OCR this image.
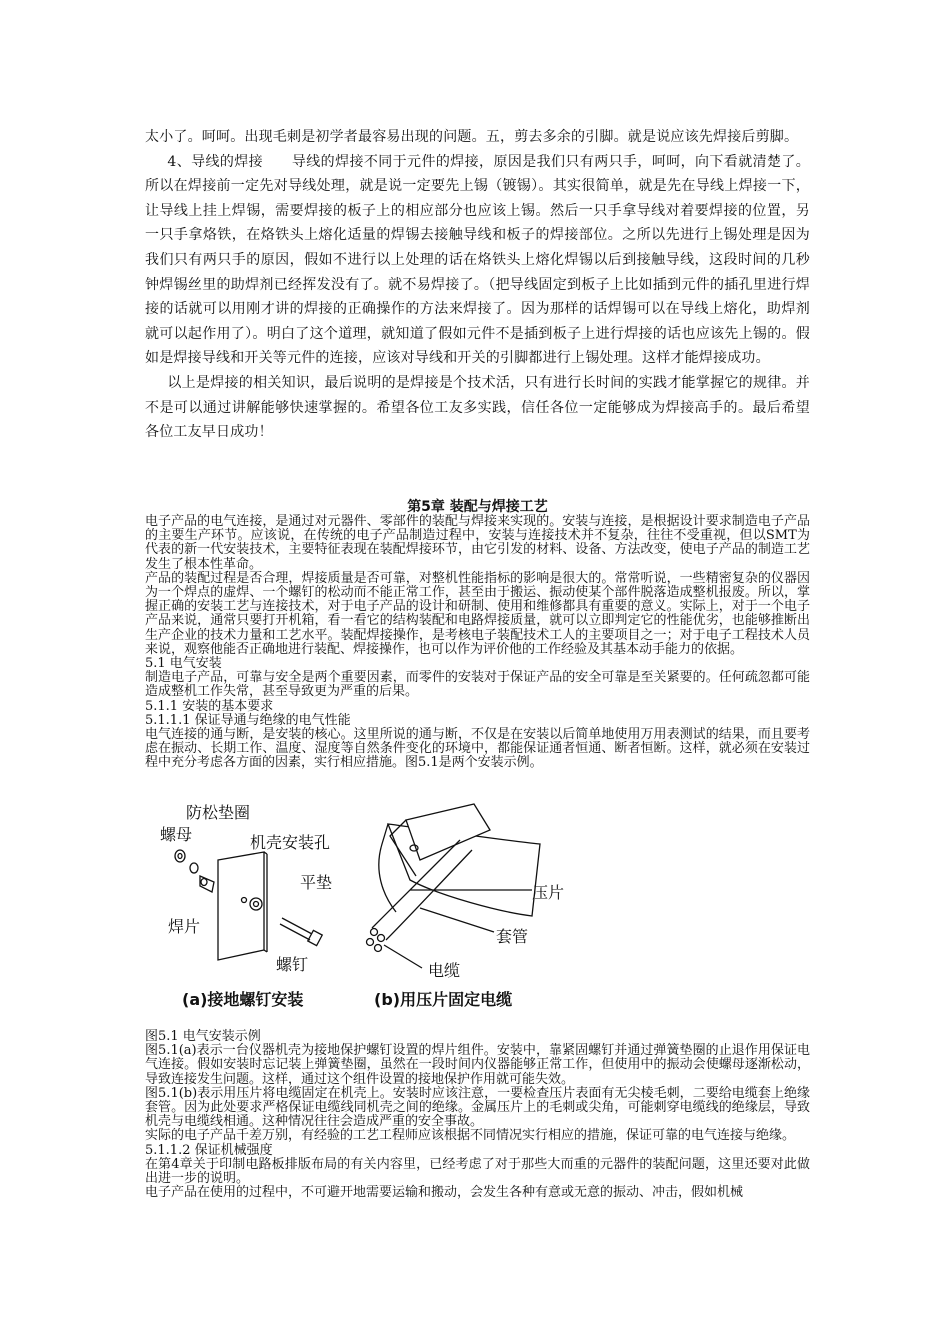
太小了。呵呵。出现毛刺是初学者最容易出现的问题。五，剪去多余的引脚。就是说应该先焊接后剪脚。

4、导线的焊接　　导线的焊接不同于元件的焊接，原因是我们只有两只手，呵呵，向下看就清楚了。所以在焊接前一定先对导线处理，就是说一定要先上锡（镀锡）。其实很简单，就是先在导线上焊接一下，让导线上挂上焊锡，需要焊接的板子上的相应部分也应该上锡。然后一只手拿导线对着要焊接的位置，另一只手拿烙铁，在烙铁头上熔化适量的焊锡去接触导线和板子的焊接部位。之所以先进行上锡处理是因为我们只有两只手的原因，假如不进行以上处理的话在烙铁头上熔化焊锡以后到接触导线，这段时间的几秒钟焊锡丝里的助焊剂已经挥发没有了。就不易焊接了。（把导线固定到板子上比如插到元件的插孔里进行焊接的话就可以用刚才讲的焊接的正确操作的方法来焊接了。因为那样的话焊锡可以在导线上熔化，助焊剂就可以起作用了）。明白了这个道理，就知道了假如元件不是插到板子上进行焊接的话也应该先上锡的。假如是焊接导线和开关等元件的连接，应该对导线和开关的引脚都进行上锡处理。这样才能焊接成功。

以上是焊接的相关知识，最后说明的是焊接是个技术活，只有进行长时间的实践才能掌握它的规律。并不是可以通过讲解能够快速掌握的。希望各位工友多实践，信任各位一定能够成为焊接高手的。最后希望各位工友早日成功！

第5章 装配与焊接工艺

电子产品的电气连接，是通过对元器件、零部件的装配与焊接来实现的。安装与连接，是根据设计要求制造电子产品的主要生产环节。应该说，在传统的电子产品制造过程中，安装与连接技术并不复杂，往往不受重视，但以SMT为代表的新一代安装技术，主要特征表现在装配焊接环节，由它引发的材料、设备、方法改变，使电子产品的制造工艺发生了根本性革命。

产品的装配过程是否合理，焊接质量是否可靠，对整机性能指标的影响是很大的。常常听说，一些精密复杂的仪器因为一个焊点的虚焊、一个螺钉的松动而不能正常工作，甚至由于搬运、振动使某个部件脱落造成整机报废。所以，掌握正确的安装工艺与连接技术，对于电子产品的设计和研制、使用和维修都具有重要的意义。实际上，对于一个电子产品来说，通常只要打开机箱，看一看它的结构装配和电路焊接质量，就可以立即判定它的性能优劣，也能够推断出生产企业的技术力量和工艺水平。装配焊接操作，是考核电子装配技术工人的主要项目之一；对于电子工程技术人员来说，观察他能否正确地进行装配、焊接操作，也可以作为评价他的工作经验及其基本动手能力的依据。

5.1 电气安装

制造电子产品，可靠与安全是两个重要因素，而零件的安装对于保证产品的安全可靠是至关紧要的。任何疏忽都可能造成整机工作失常，甚至导致更为严重的后果。

5.1.1 安装的基本要求

5.1.1.1 保证导通与绝缘的电气性能

电气连接的通与断，是安装的核心。这里所说的通与断，不仅是在安装以后简单地使用万用表测试的结果，而且要考虑在振动、长期工作、温度、湿度等自然条件变化的环境中，都能保证通者恒通、断者恒断。这样，就必须在安装过程中充分考虑各方面的因素，实行相应措施。图5.1是两个安装示例。

防松垫圈
螺母	机壳安装孔
平垫
焊片
螺钉
(a)接地螺钉安装
压片
套管
电缆
(b)用压片固定电缆

图5.1 电气安装示例

图5.1(a)表示一台仪器机壳为接地保护螺钉设置的焊片组件。安装中，靠紧固螺钉并通过弹簧垫圈的止退作用保证电气连接。假如安装时忘记装上弹簧垫圈，虽然在一段时间内仪器能够正常工作，但使用中的振动会使螺母逐渐松动，导致连接发生问题。这样，通过这个组件设置的接地保护作用就可能失效。

图5.1(b)表示用压片将电缆固定在机壳上。安装时应该注意，一要检查压片表面有无尖棱毛刺，二要给电缆套上绝缘套管。因为此处要求严格保证电缆线同机壳之间的绝缘。金属压片上的毛刺或尖角，可能刺穿电缆线的绝缘层，导致机壳与电缆线相通。这种情况往往会造成严重的安全事故。

实际的电子产品千差万别，有经验的工艺工程师应该根据不同情况实行相应的措施，保证可靠的电气连接与绝缘。

5.1.1.2 保证机械强度

在第4章关于印制电路板排版布局的有关内容里，已经考虑了对于那些大而重的元器件的装配问题，这里还要对此做出进一步的说明。

电子产品在使用的过程中，不可避开地需要运输和搬动，会发生各种有意或无意的振动、冲击，假如机械
